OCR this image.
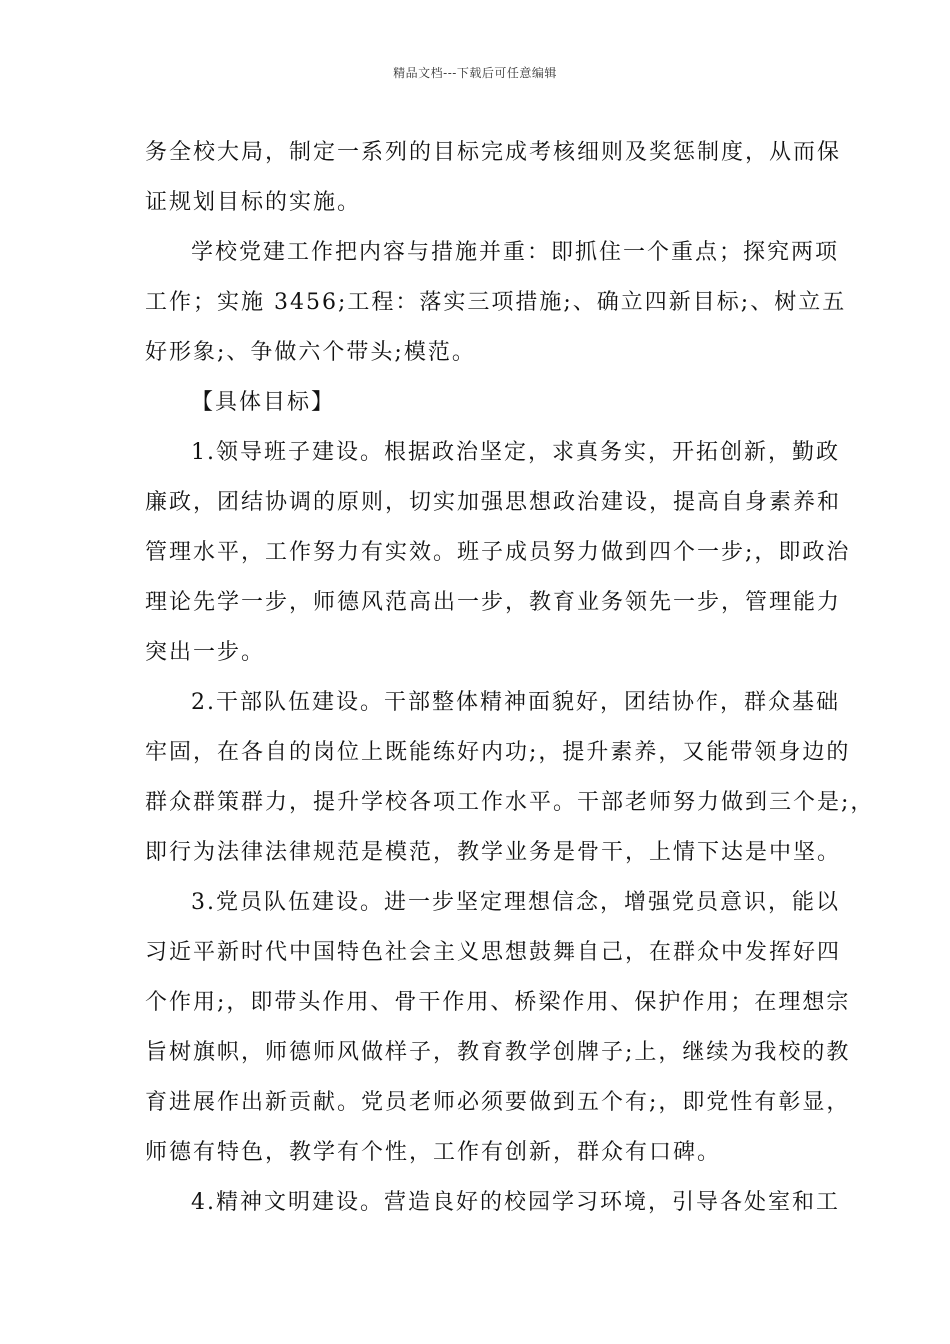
精品文档---下载后可任意编辑
务全校大局，制定一系列的目标完成考核细则及奖惩制度，从而保
证规划目标的实施。
学校党建工作把内容与措施并重：即抓住一个重点；探究两项
工作；实施 3456;工程：落实三项措施;、确立四新目标;、树立五
好形象;、争做六个带头;模范。
【具体目标】
1.领导班子建设。根据政治坚定，求真务实，开拓创新，勤政
廉政，团结协调的原则，切实加强思想政治建设，提高自身素养和
管理水平，工作努力有实效。班子成员努力做到四个一步;，即政治
理论先学一步，师德风范高出一步，教育业务领先一步，管理能力
突出一步。
2.干部队伍建设。干部整体精神面貌好，团结协作，群众基础
牢固，在各自的岗位上既能练好内功;，提升素养，又能带领身边的
群众群策群力，提升学校各项工作水平。干部老师努力做到三个是;，
即行为法律法律规范是模范，教学业务是骨干，上情下达是中坚。
3.党员队伍建设。进一步坚定理想信念，增强党员意识，能以
习近平新时代中国特色社会主义思想鼓舞自己，在群众中发挥好四
个作用;，即带头作用、骨干作用、桥梁作用、保护作用；在理想宗
旨树旗帜，师德师风做样子，教育教学创牌子;上，继续为我校的教
育进展作出新贡献。党员老师必须要做到五个有;，即党性有彰显，
师德有特色，教学有个性，工作有创新，群众有口碑。
4.精神文明建设。营造良好的校园学习环境，引导各处室和工
